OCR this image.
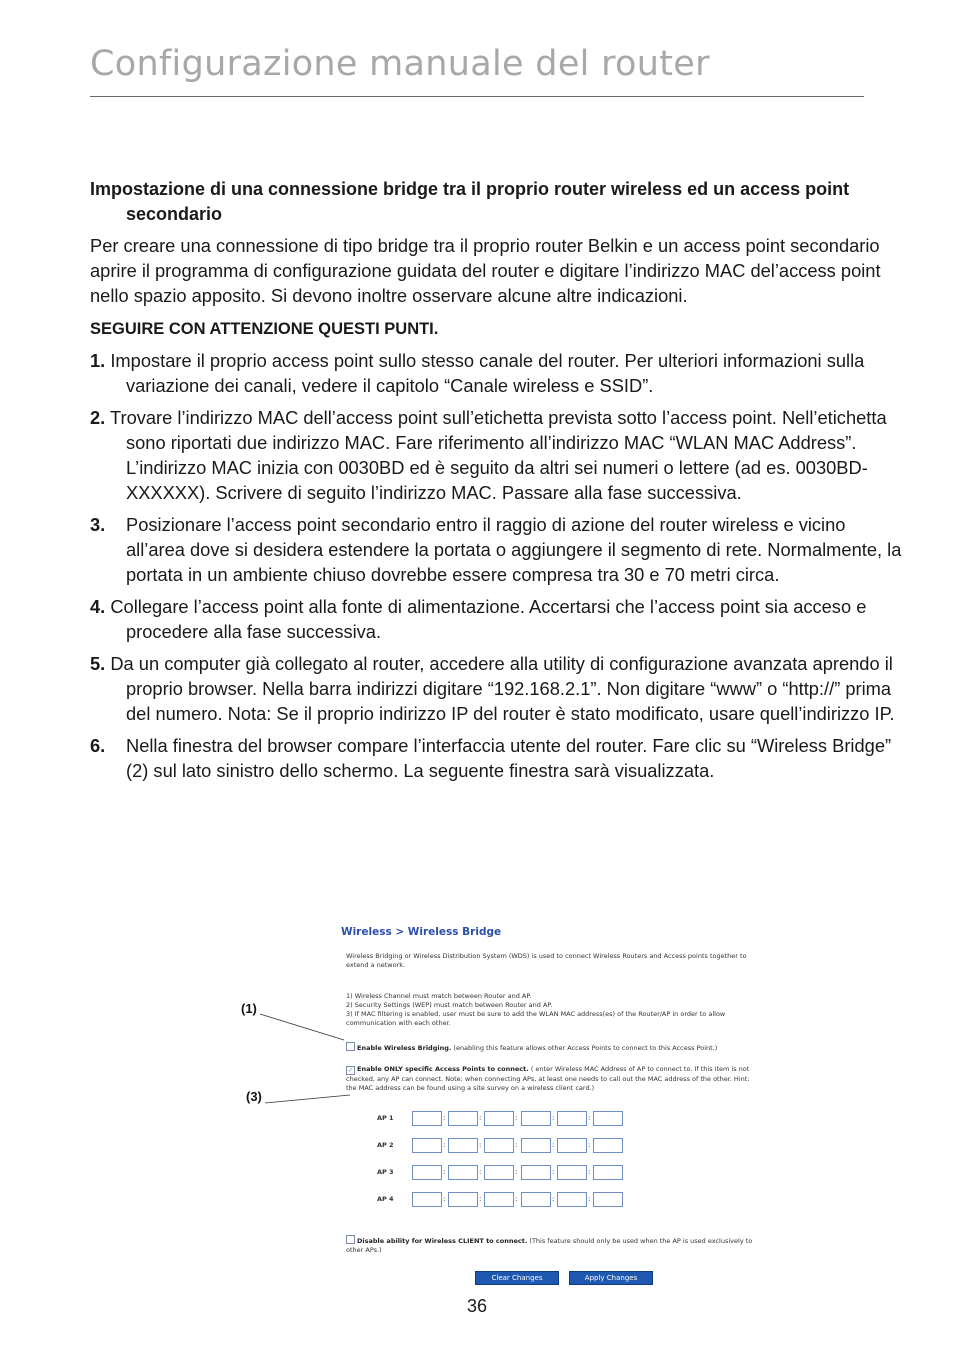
Configurazione manuale del router
Impostazione di una connessione bridge tra il proprio router wireless ed un access point secondario

Per creare una connessione di tipo bridge tra il proprio router Belkin e un access point secondario aprire il programma di configurazione guidata del router e digitare l’indirizzo MAC del’access point nello spazio apposito. Si devono inoltre osservare alcune altre indicazioni.

SEGUIRE CON ATTENZIONE QUESTI PUNTI.

1. Impostare il proprio access point sullo stesso canale del router. Per ulteriori informazioni sulla variazione dei canali, vedere il capitolo “Canale wireless e SSID”.

2. Trovare l’indirizzo MAC dell’access point sull’etichetta prevista sotto l’access point. Nell’etichetta sono riportati due indirizzo MAC. Fare riferimento all’indirizzo MAC “WLAN MAC Address”. L’indirizzo MAC inizia con 0030BD ed è seguito da altri sei numeri o lettere (ad es. 0030BD-XXXXXX). Scrivere di seguito l’indirizzo MAC. Passare alla fase successiva.

3. Posizionare l’access point secondario entro il raggio di azione del router wireless e vicino all’area dove si desidera estendere la portata o aggiungere il segmento di rete. Normalmente, la portata in un ambiente chiuso dovrebbe essere compresa tra 30 e 70 metri circa.

4. Collegare l’access point alla fonte di alimentazione. Accertarsi che l’access point sia acceso e procedere alla fase successiva.

5. Da un computer già collegato al router, accedere alla utility di configurazione avanzata aprendo il proprio browser. Nella barra indirizzi digitare “192.168.2.1”. Non digitare “www” o “http://” prima del numero. Nota: Se il proprio indirizzo IP del router è stato modificato, usare quell’indirizzo IP.

6. Nella finestra del browser compare l’interfaccia utente del router. Fare clic su “Wireless Bridge” (2) sul lato sinistro dello schermo. La seguente finestra sarà visualizzata.

(1)
(3)
Wireless > Wireless Bridge
Wireless Bridging or Wireless Distribution System (WDS) is used to connect Wireless Routers and Access points together to extend a network.
1) Wireless Channel must match between Router and AP.
2) Security Settings (WEP) must match between Router and AP.
3) If MAC filtering is enabled, user must be sure to add the WLAN MAC address(es) of the Router/AP in order to allow communication with each other.
Enable Wireless Bridging. (enabling this feature allows other Access Points to connect to this Access Point.)
✓ Enable ONLY specific Access Points to connect. ( enter Wireless MAC Address of AP to connect to. If this item is not checked, any AP can connect. Note: when connecting APs, at least one needs to call out the MAC address of the other. Hint: the MAC address can be found using a site survey on a wireless client card.)
AP 1	:	:	:	:	:
AP 2	:	:	:	:	:
AP 3	:	:	:	:	:
AP 4	:	:	:	:	:
Disable ability for Wireless CLIENT to connect. (This feature should only be used when the AP is used exclusively to other APs.)
Clear Changes	Apply Changes
36
